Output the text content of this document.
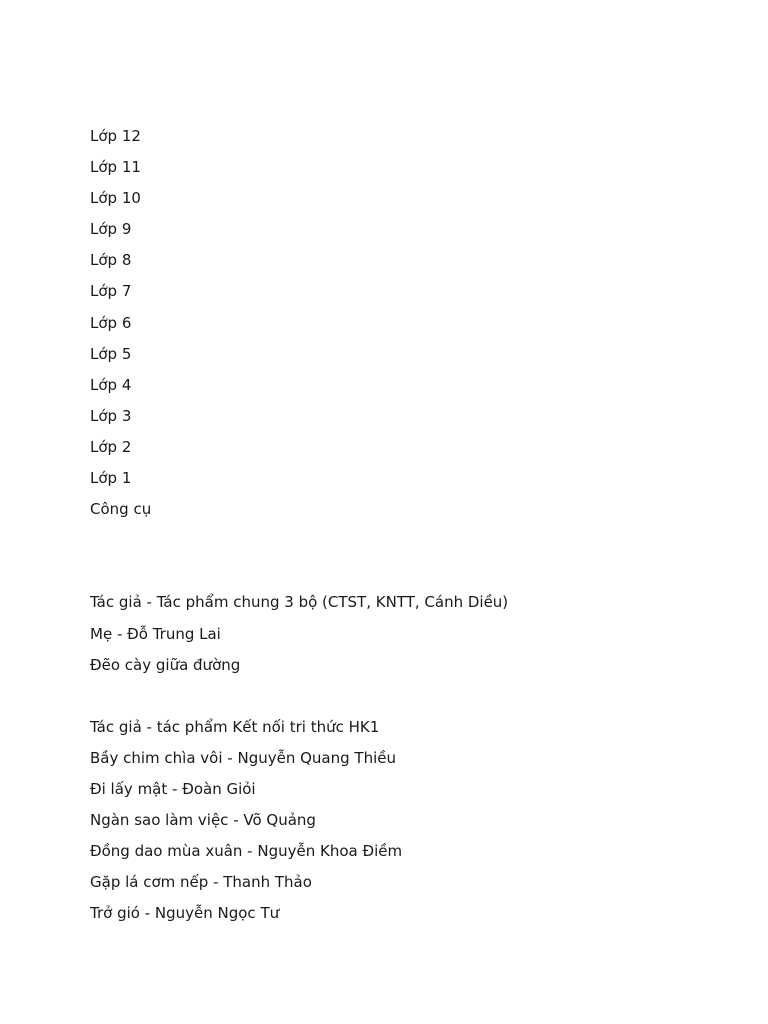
Lớp 12
Lớp 11
Lớp 10
Lớp 9
Lớp 8
Lớp 7
Lớp 6
Lớp 5
Lớp 4
Lớp 3
Lớp 2
Lớp 1
Công cụ
Tác giả - Tác phẩm chung 3 bộ (CTST, KNTT, Cánh Diều)
Mẹ - Đỗ Trung Lai
Đẽo cày giữa đường
Tác giả - tác phẩm Kết nối tri thức HK1
Bầy chim chìa vôi - Nguyễn Quang Thiều
Đi lấy mật - Đoàn Giỏi
Ngàn sao làm việc - Võ Quảng
Đồng dao mùa xuân - Nguyễn Khoa Điềm
Gặp lá cơm nếp - Thanh Thảo
Trở gió - Nguyễn Ngọc Tư
